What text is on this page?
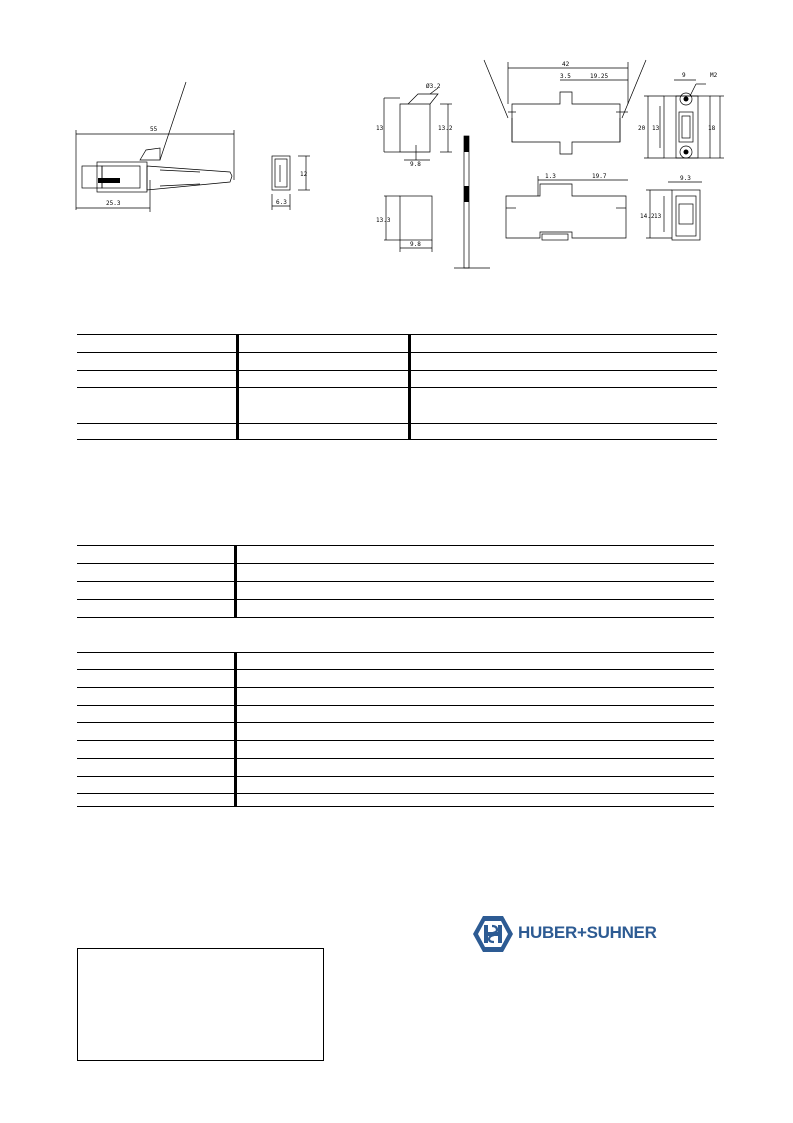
55
25.3
12
6.3
Ø3.2
13	13.2
9.8
13.3
9.8
42
3.5	19.25
1.3	19.7
9	M2
20 13	18
9.3
14.2 13
HUBER+SUHNER
